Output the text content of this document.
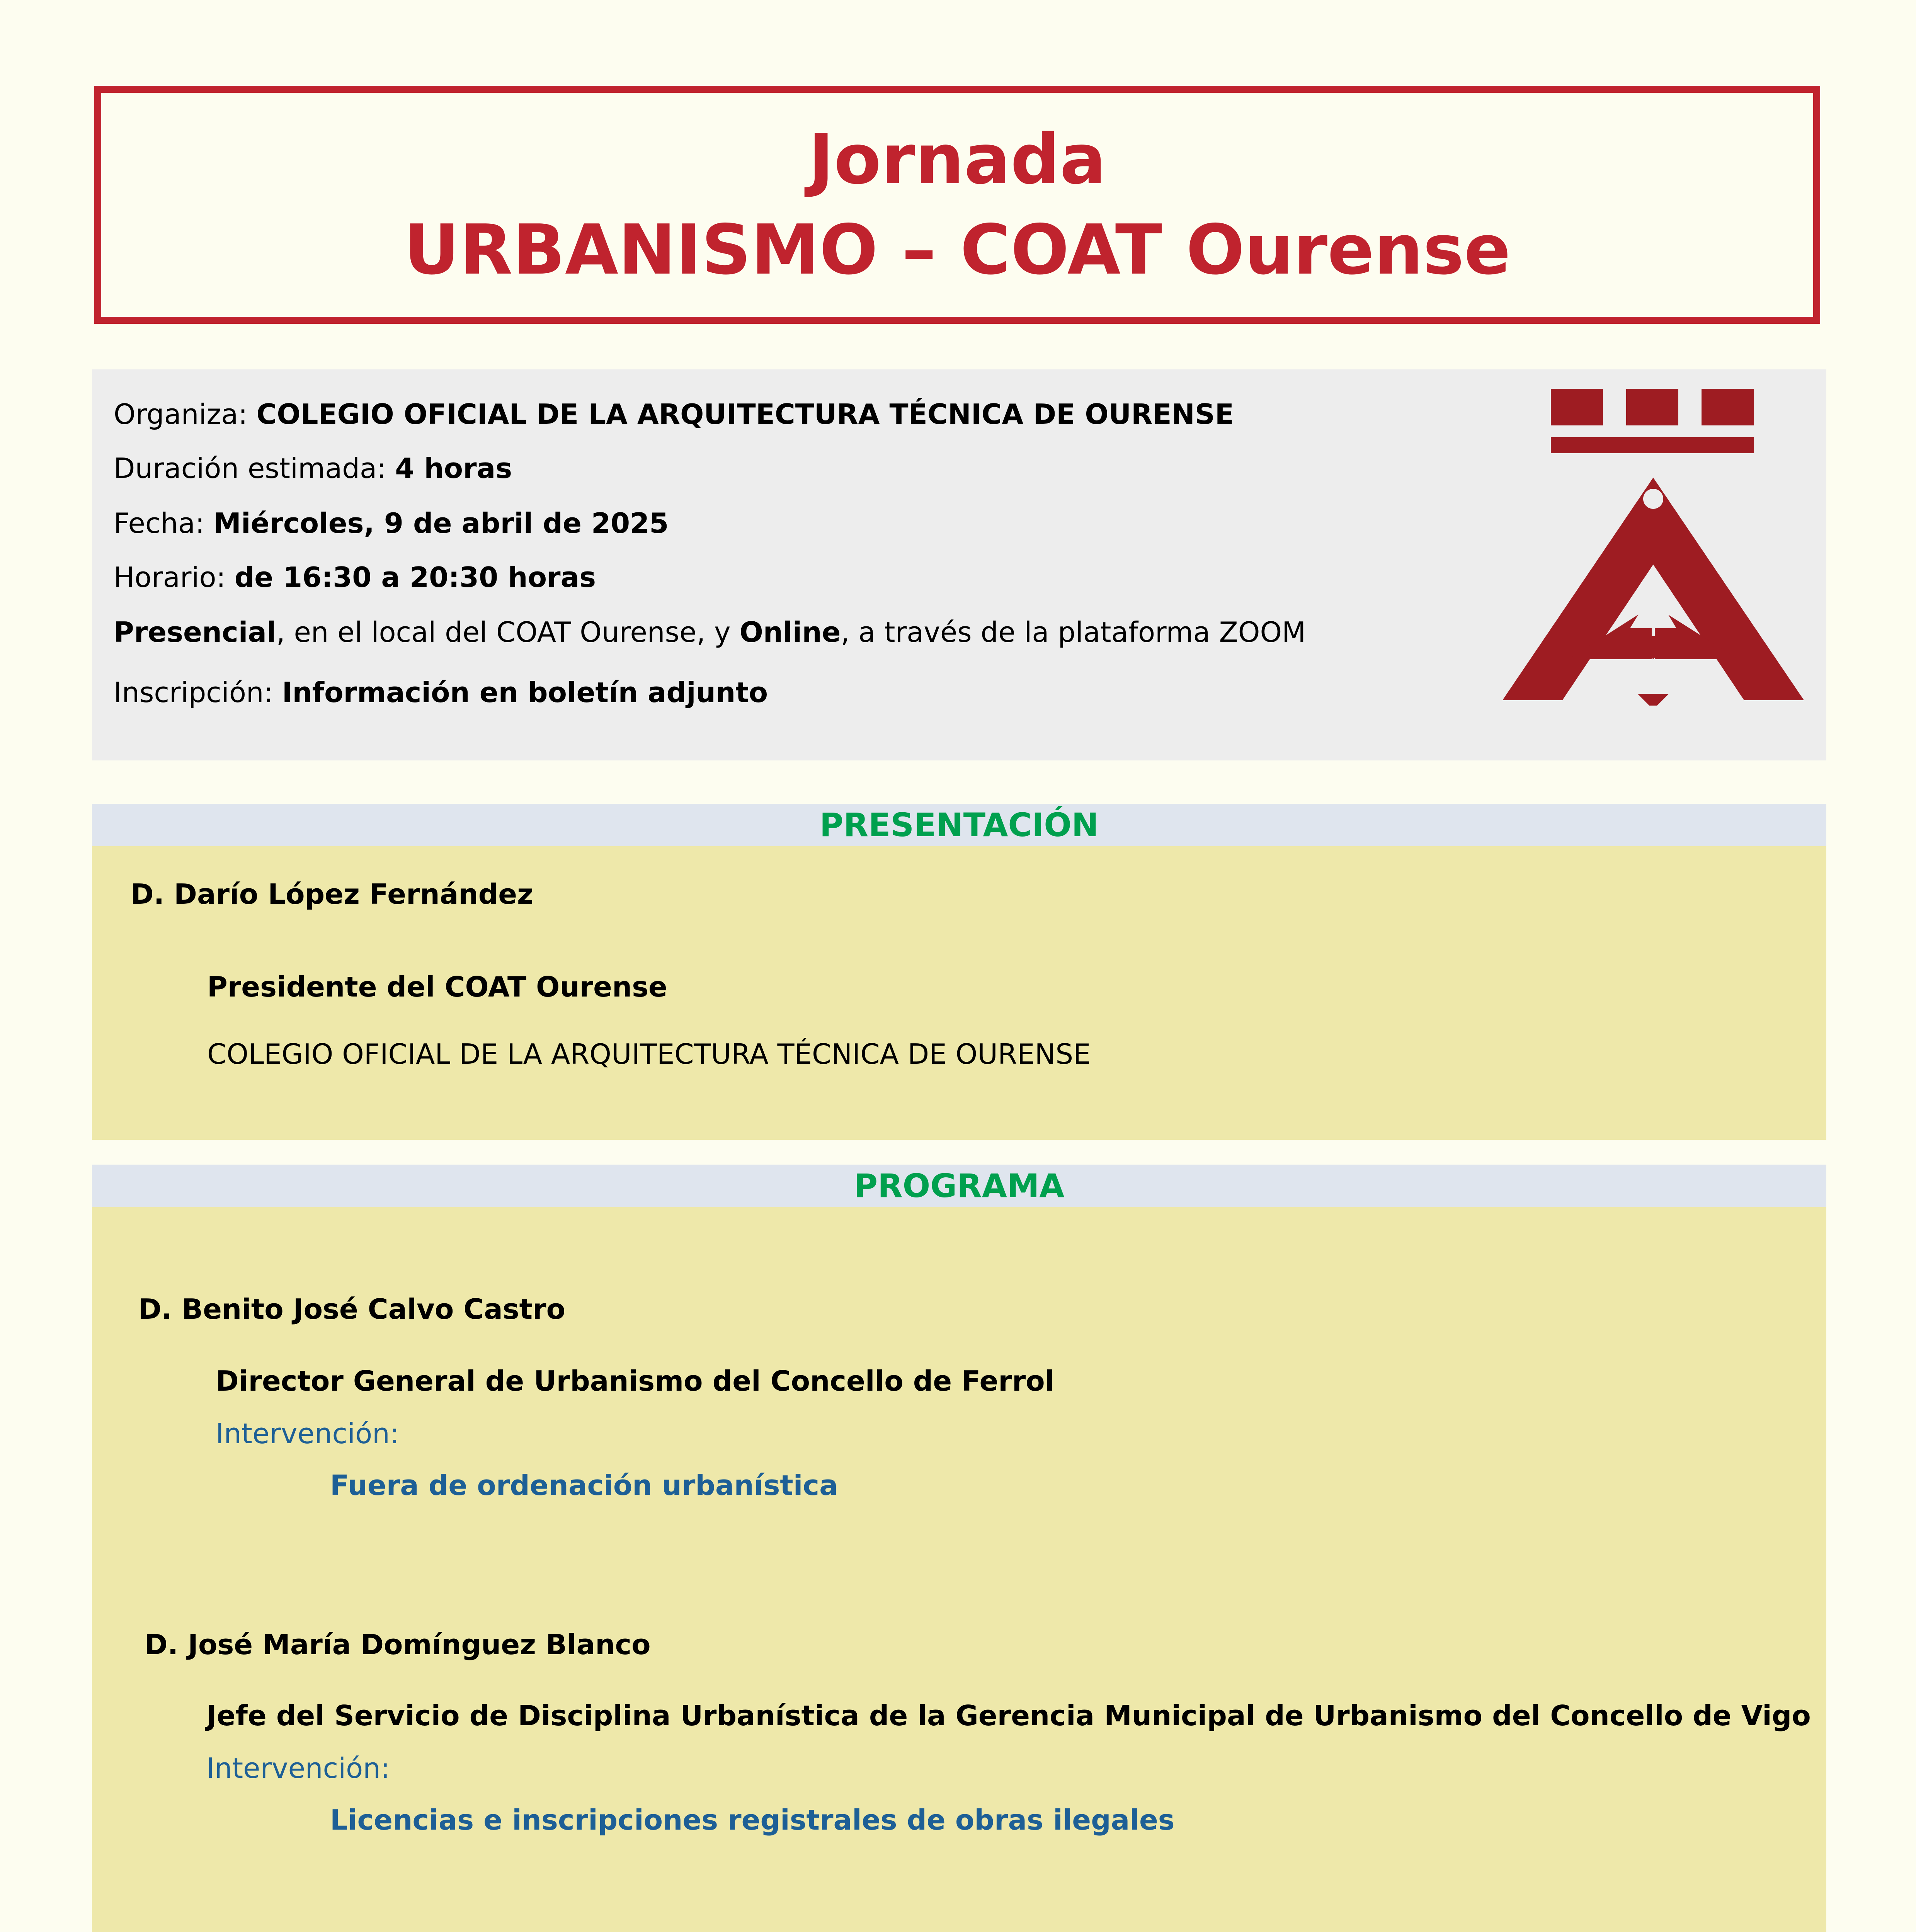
Jornada
URBANISMO – COAT Ourense
Organiza: COLEGIO OFICIAL DE LA ARQUITECTURA TÉCNICA DE OURENSE
Duración estimada: 4 horas
Fecha: Miércoles, 9 de abril de 2025
Horario: de 16:30 a 20:30 horas
Presencial, en el local del COAT Ourense, y Online, a través de la plataforma ZOOM
Inscripción: Información en boletín adjunto
PRESENTACIÓN
D. Darío López Fernández
Presidente del COAT Ourense
COLEGIO OFICIAL DE LA ARQUITECTURA TÉCNICA DE OURENSE
PROGRAMA
D. Benito José Calvo Castro
Director General de Urbanismo del Concello de Ferrol
Intervención:
Fuera de ordenación urbanística
D. José María Domínguez Blanco
Jefe del Servicio de Disciplina Urbanística de la Gerencia Municipal de Urbanismo del Concello de Vigo
Intervención:
Licencias e inscripciones registrales de obras ilegales
